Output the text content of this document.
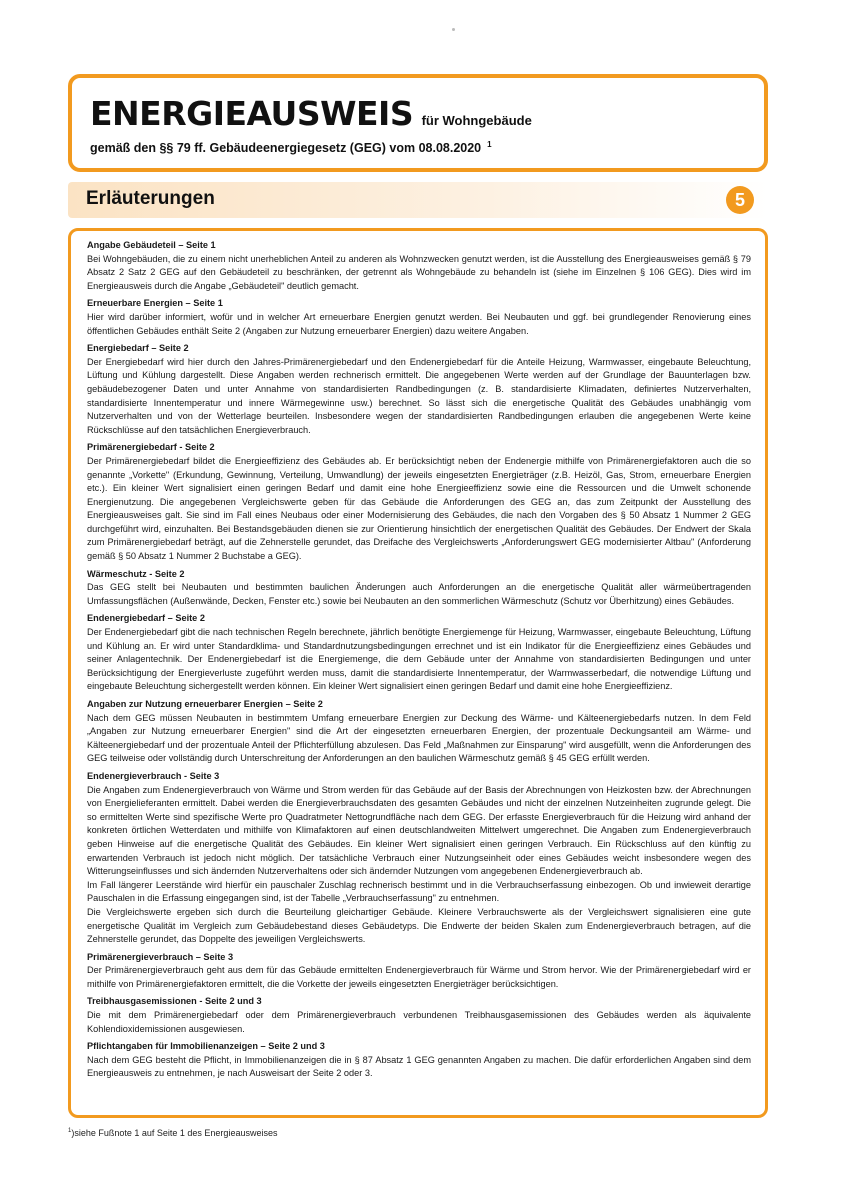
ENERGIEAUSWEIS für Wohngebäude
gemäß den §§ 79 ff. Gebäudeenergiegesetz (GEG) vom 08.08.2020 $^1$
Erläuterungen	5
Angabe Gebäudeteil – Seite 1

Bei Wohngebäuden, die zu einem nicht unerheblichen Anteil zu anderen als Wohnzwecken genutzt werden, ist die Ausstellung des Energieausweises gemäß § 79 Absatz 2 Satz 2 GEG auf den Gebäudeteil zu beschränken, der getrennt als Wohngebäude zu behandeln ist (siehe im Einzelnen § 106 GEG). Dies wird im Energieausweis durch die Angabe „Gebäudeteil" deutlich gemacht.

Erneuerbare Energien – Seite 1

Hier wird darüber informiert, wofür und in welcher Art erneuerbare Energien genutzt werden. Bei Neubauten und ggf. bei grundlegender Renovierung eines öffentlichen Gebäudes enthält Seite 2 (Angaben zur Nutzung erneuerbarer Energien) dazu weitere Angaben.

Energiebedarf – Seite 2

Der Energiebedarf wird hier durch den Jahres-Primärenergiebedarf und den Endenergiebedarf für die Anteile Heizung, Warmwasser, eingebaute Beleuchtung, Lüftung und Kühlung dargestellt. Diese Angaben werden rechnerisch ermittelt. Die angegebenen Werte werden auf der Grundlage der Bauunterlagen bzw. gebäudebezogener Daten und unter Annahme von standardisierten Randbedingungen (z. B. standardisierte Klimadaten, definiertes Nutzerverhalten, standardisierte Innentemperatur und innere Wärmegewinne usw.) berechnet. So lässt sich die energetische Qualität des Gebäudes unabhängig vom Nutzerverhalten und von der Wetterlage beurteilen. Insbesondere wegen der standardisierten Randbedingungen erlauben die angegebenen Werte keine Rückschlüsse auf den tatsächlichen Energieverbrauch.

Primärenergiebedarf - Seite 2

Der Primärenergiebedarf bildet die Energieeffizienz des Gebäudes ab. Er berücksichtigt neben der Endenergie mithilfe von Primärenergiefaktoren auch die so genannte „Vorkette" (Erkundung, Gewinnung, Verteilung, Umwandlung) der jeweils eingesetzten Energieträger (z.B. Heizöl, Gas, Strom, erneuerbare Energien etc.). Ein kleiner Wert signalisiert einen geringen Bedarf und damit eine hohe Energieeffizienz sowie eine die Ressourcen und die Umwelt schonende Energienutzung. Die angegebenen Vergleichswerte geben für das Gebäude die Anforderungen des GEG an, das zum Zeitpunkt der Ausstellung des Energieausweises galt. Sie sind im Fall eines Neubaus oder einer Modernisierung des Gebäudes, die nach den Vorgaben des § 50 Absatz 1 Nummer 2 GEG durchgeführt wird, einzuhalten. Bei Bestandsgebäuden dienen sie zur Orientierung hinsichtlich der energetischen Qualität des Gebäudes. Der Endwert der Skala zum Primärenergiebedarf beträgt, auf die Zehnerstelle gerundet, das Dreifache des Vergleichswerts „Anforderungswert GEG modernisierter Altbau" (Anforderung gemäß § 50 Absatz 1 Nummer 2 Buchstabe a GEG).

Wärmeschutz - Seite 2

Das GEG stellt bei Neubauten und bestimmten baulichen Änderungen auch Anforderungen an die energetische Qualität aller wärmeübertragenden Umfassungsflächen (Außenwände, Decken, Fenster etc.) sowie bei Neubauten an den sommerlichen Wärmeschutz (Schutz vor Überhitzung) eines Gebäudes.

Endenergiebedarf – Seite 2

Der Endenergiebedarf gibt die nach technischen Regeln berechnete, jährlich benötigte Energiemenge für Heizung, Warmwasser, eingebaute Beleuchtung, Lüftung und Kühlung an. Er wird unter Standardklima- und Standardnutzungsbedingungen errechnet und ist ein Indikator für die Energieeffizienz eines Gebäudes und seiner Anlagentechnik. Der Endenergiebedarf ist die Energiemenge, die dem Gebäude unter der Annahme von standardisierten Bedingungen und unter Berücksichtigung der Energieverluste zugeführt werden muss, damit die standardisierte Innentemperatur, der Warmwasserbedarf, die notwendige Lüftung und eingebaute Beleuchtung sichergestellt werden können. Ein kleiner Wert signalisiert einen geringen Bedarf und damit eine hohe Energieeffizienz.

Angaben zur Nutzung erneuerbarer Energien – Seite 2

Nach dem GEG müssen Neubauten in bestimmtem Umfang erneuerbare Energien zur Deckung des Wärme- und Kälteenergiebedarfs nutzen. In dem Feld „Angaben zur Nutzung erneuerbarer Energien" sind die Art der eingesetzten erneuerbaren Energien, der prozentuale Deckungsanteil am Wärme- und Kälteenergiebedarf und der prozentuale Anteil der Pflichterfüllung abzulesen. Das Feld „Maßnahmen zur Einsparung" wird ausgefüllt, wenn die Anforderungen des GEG teilweise oder vollständig durch Unterschreitung der Anforderungen an den baulichen Wärmeschutz gemäß § 45 GEG erfüllt werden.

Endenergieverbrauch - Seite 3

Die Angaben zum Endenergieverbrauch von Wärme und Strom werden für das Gebäude auf der Basis der Abrechnungen von Heizkosten bzw. der Abrechnungen von Energielieferanten ermittelt. Dabei werden die Energieverbrauchsdaten des gesamten Gebäudes und nicht der einzelnen Nutzeinheiten zugrunde gelegt. Die so ermittelten Werte sind spezifische Werte pro Quadratmeter Nettogrundfläche nach dem GEG. Der erfasste Energieverbrauch für die Heizung wird anhand der konkreten örtlichen Wetterdaten und mithilfe von Klimafaktoren auf einen deutschlandweiten Mittelwert umgerechnet. Die Angaben zum Endenergieverbrauch geben Hinweise auf die energetische Qualität des Gebäudes. Ein kleiner Wert signalisiert einen geringen Verbrauch. Ein Rückschluss auf den künftig zu erwartenden Verbrauch ist jedoch nicht möglich. Der tatsächliche Verbrauch einer Nutzungseinheit oder eines Gebäudes weicht insbesondere wegen des Witterungseinflusses und sich ändernden Nutzerverhaltens oder sich ändernder Nutzungen vom angegebenen Endenergieverbrauch ab.

Im Fall längerer Leerstände wird hierfür ein pauschaler Zuschlag rechnerisch bestimmt und in die Verbrauchserfassung einbezogen. Ob und inwieweit derartige Pauschalen in die Erfassung eingegangen sind, ist der Tabelle „Verbrauchserfassung" zu entnehmen.

Die Vergleichswerte ergeben sich durch die Beurteilung gleichartiger Gebäude. Kleinere Verbrauchswerte als der Vergleichswert signalisieren eine gute energetische Qualität im Vergleich zum Gebäudebestand dieses Gebäudetyps. Die Endwerte der beiden Skalen zum Endenergieverbrauch betragen, auf die Zehnerstelle gerundet, das Doppelte des jeweiligen Vergleichswerts.

Primärenergieverbrauch – Seite 3

Der Primärenergieverbrauch geht aus dem für das Gebäude ermittelten Endenergieverbrauch für Wärme und Strom hervor. Wie der Primärenergiebedarf wird er mithilfe von Primärenergiefaktoren ermittelt, die die Vorkette der jeweils eingesetzten Energieträger berücksichtigen.

Treibhausgasemissionen - Seite 2 und 3

Die mit dem Primärenergiebedarf oder dem Primärenergieverbrauch verbundenen Treibhausgasemissionen des Gebäudes werden als äquivalente Kohlendioxidemissionen ausgewiesen.

Pflichtangaben für Immobilienanzeigen – Seite 2 und 3

Nach dem GEG besteht die Pflicht, in Immobilienanzeigen die in § 87 Absatz 1 GEG genannten Angaben zu machen. Die dafür erforderlichen Angaben sind dem Energieausweis zu entnehmen, je nach Ausweisart der Seite 2 oder 3.

$^1$)siehe Fußnote 1 auf Seite 1 des Energieausweises
